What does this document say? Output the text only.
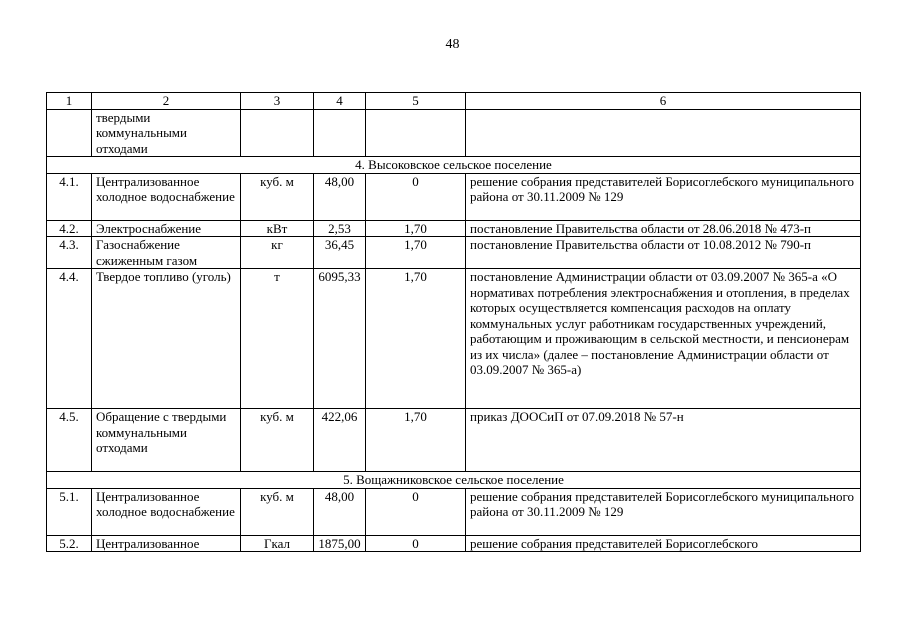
48
1	2	3	4	5	6
	твердыми коммунальными отходами				
4. Высоковское сельское поселение					
4.1.	Централизованное холодное водоснабжение	куб. м	48,00	0	решение собрания представителей Борисоглебского муниципального района от 30.11.2009 № 129
4.2.	Электроснабжение	кВт	2,53	1,70	постановление Правительства области от 28.06.2018 № 473-п
4.3.	Газоснабжение сжиженным газом	кг	36,45	1,70	постановление Правительства области от 10.08.2012 № 790-п
4.4.	Твердое топливо (уголь)	т	6095,33	1,70	постановление Администрации области от 03.09.2007 № 365-а «О нормативах потребления электроснабжения и отопления, в пределах которых осуществляется компенсация расходов на оплату коммунальных услуг работникам государственных учреждений, работающим и проживающим в сельской местности, и пенсионерам из их числа» (далее – постановление Администрации области от 03.09.2007 № 365-а)
4.5.	Обращение с твердыми коммунальными отходами	куб. м	422,06	1,70	приказ ДООСиП от 07.09.2018 № 57-н
5. Вощажниковское сельское поселение					
5.1.	Централизованное холодное водоснабжение	куб. м	48,00	0	решение собрания представителей Борисоглебского муниципального района от 30.11.2009 № 129
5.2.	Централизованное	Гкал	1875,00	0	решение собрания представителей Борисоглебского
